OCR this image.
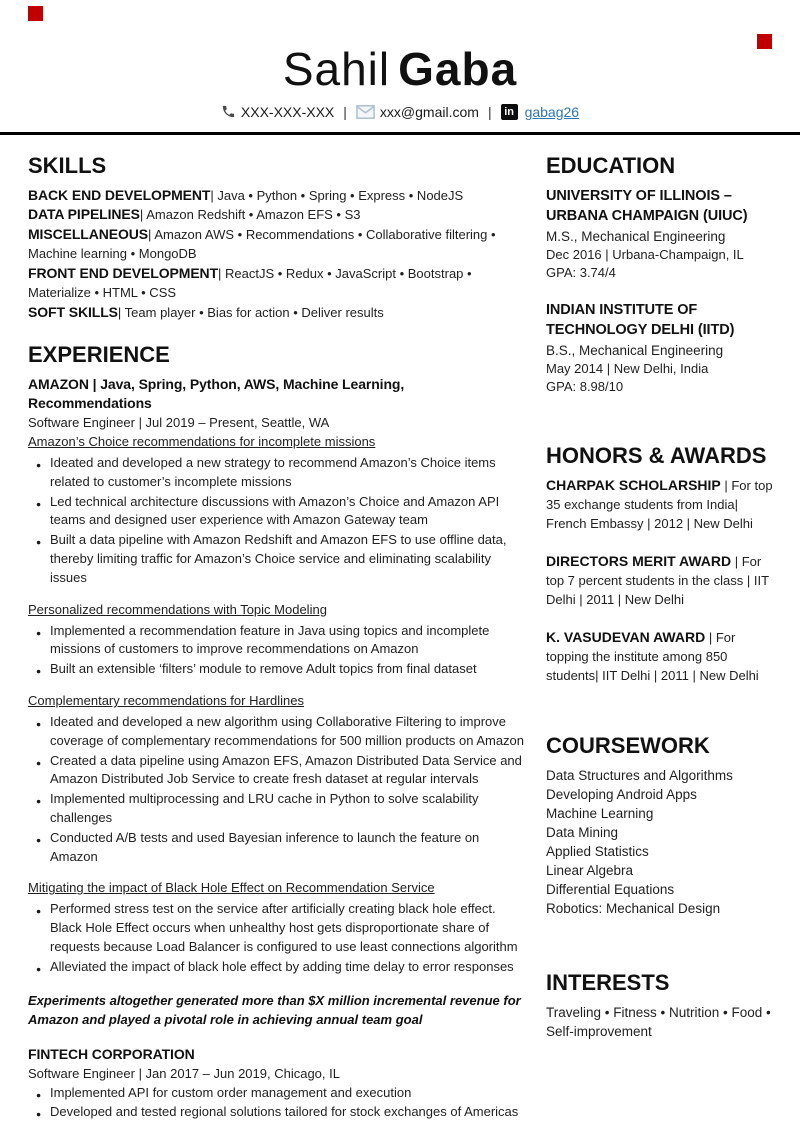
Sahil Gaba
XXX-XXX-XXX | xxx@gmail.com |	in gabag26
SKILLS
BACK END DEVELOPMENT| Java • Python • Spring • Express • NodeJS
DATA PIPELINES| Amazon Redshift • Amazon EFS • S3
MISCELLANEOUS| Amazon AWS • Recommendations • Collaborative filtering • Machine learning • MongoDB
FRONT END DEVELOPMENT| ReactJS • Redux • JavaScript • Bootstrap • Materialize • HTML • CSS
SOFT SKILLS| Team player • Bias for action • Deliver results
EXPERIENCE
AMAZON | Java, Spring, Python, AWS, Machine Learning, Recommendations
Software Engineer | Jul 2019 – Present, Seattle, WA
Amazon’s Choice recommendations for incomplete missions
● Ideated and developed a new strategy to recommend Amazon’s Choice items related to customer’s incomplete missions
● Led technical architecture discussions with Amazon’s Choice and Amazon API teams and designed user experience with Amazon Gateway team
● Built a data pipeline with Amazon Redshift and Amazon EFS to use offline data, thereby limiting traffic for Amazon’s Choice service and eliminating scalability issues
Personalized recommendations with Topic Modeling
● Implemented a recommendation feature in Java using topics and incomplete missions of customers to improve recommendations on Amazon
● Built an extensible ‘filters’ module to remove Adult topics from final dataset
Complementary recommendations for Hardlines
● Ideated and developed a new algorithm using Collaborative Filtering to improve coverage of complementary recommendations for 500 million products on Amazon
● Created a data pipeline using Amazon EFS, Amazon Distributed Data Service and Amazon Distributed Job Service to create fresh dataset at regular intervals
● Implemented multiprocessing and LRU cache in Python to solve scalability challenges
● Conducted A/B tests and used Bayesian inference to launch the feature on Amazon
Mitigating the impact of Black Hole Effect on Recommendation Service
● Performed stress test on the service after artificially creating black hole effect. Black Hole Effect occurs when unhealthy host gets disproportionate share of requests because Load Balancer is configured to use least connections algorithm
● Alleviated the impact of black hole effect by adding time delay to error responses
Experiments altogether generated more than $X million incremental revenue for Amazon and played a pivotal role in achieving annual team goal
FINTECH CORPORATION
Software Engineer | Jan 2017 – Jun 2019, Chicago, IL
● Implemented API for custom order management and execution
● Developed and tested regional solutions tailored for stock exchanges of Americas
EDUCATION
UNIVERSITY OF ILLINOIS – URBANA CHAMPAIGN (UIUC)
M.S., Mechanical Engineering
Dec 2016 | Urbana-Champaign, IL
GPA: 3.74/4
INDIAN INSTITUTE OF TECHNOLOGY DELHI (IITD)
B.S., Mechanical Engineering
May 2014 | New Delhi, India
GPA: 8.98/10
HONORS & AWARDS
CHARPAK SCHOLARSHIP | For top 35 exchange students from India| French Embassy | 2012 | New Delhi
DIRECTORS MERIT AWARD | For top 7 percent students in the class | IIT Delhi | 2011 | New Delhi
K. VASUDEVAN AWARD | For topping the institute among 850 students| IIT Delhi | 2011 | New Delhi
COURSEWORK
Data Structures and Algorithms
Developing Android Apps
Machine Learning
Data Mining
Applied Statistics
Linear Algebra
Differential Equations
Robotics: Mechanical Design
INTERESTS
Traveling • Fitness • Nutrition • Food • Self-improvement
